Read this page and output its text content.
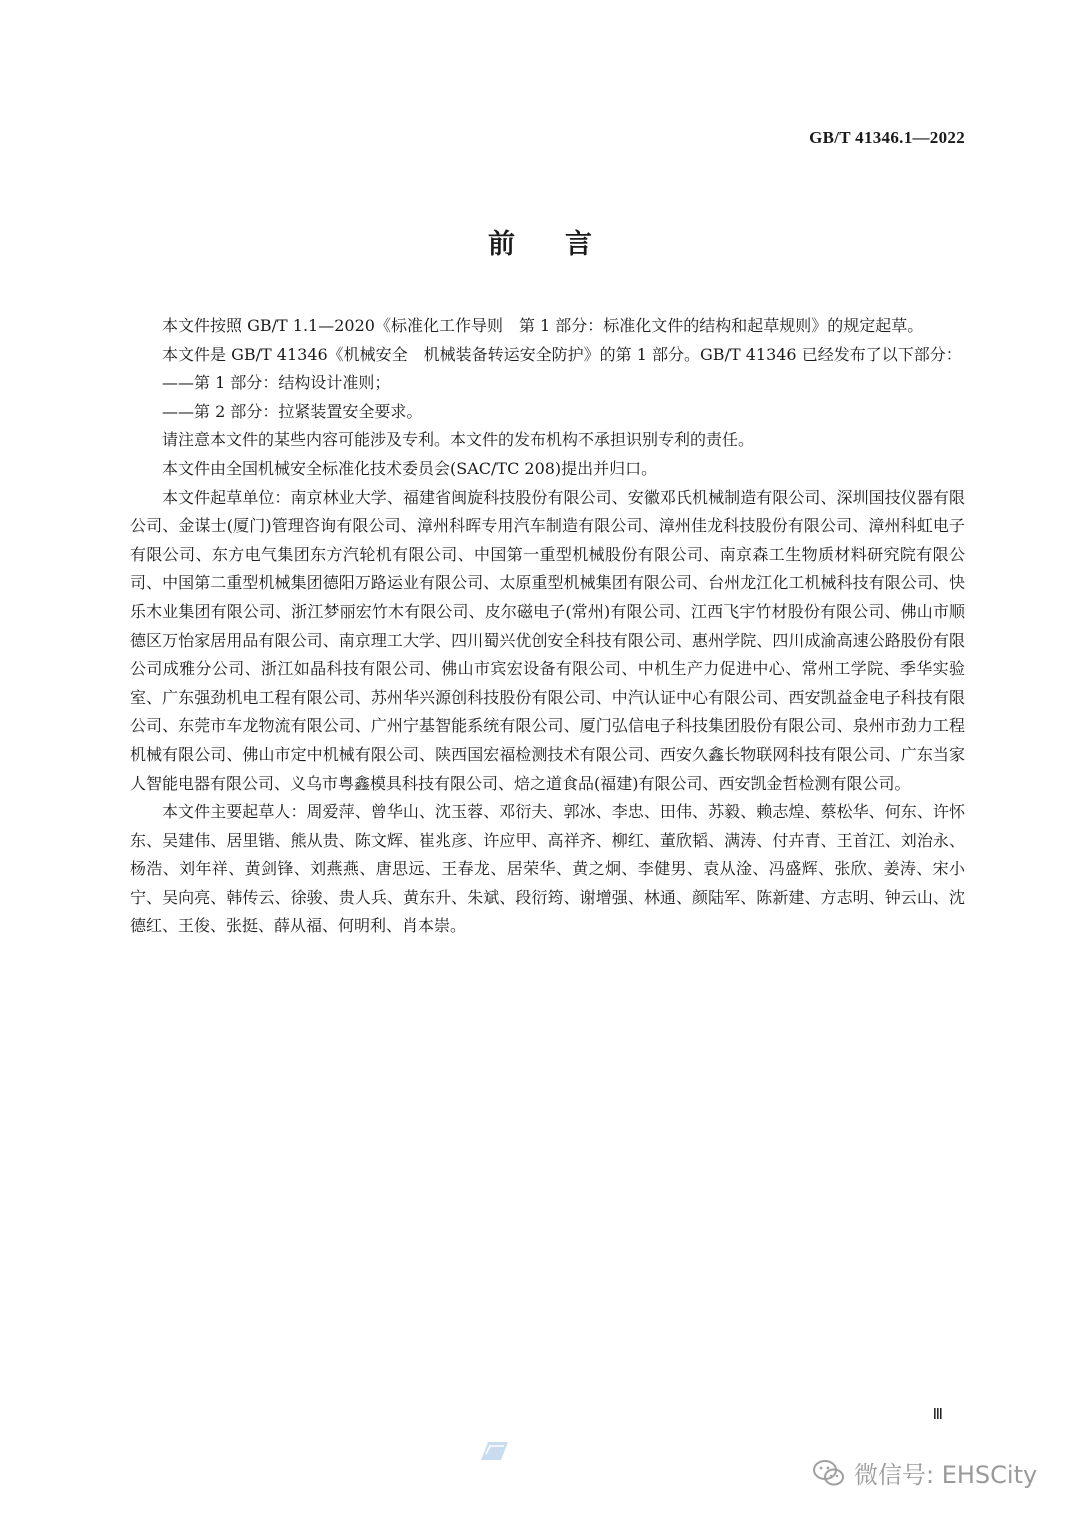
GB/T 41346.1—2022
前言

本文件按照 GB/T 1.1—2020《标准化工作导则　第 1 部分：标准化文件的结构和起草规则》的规定起草。

本文件是 GB/T 41346《机械安全　机械装备转运安全防护》的第 1 部分。GB/T 41346 已经发布了以下部分：

——第 1 部分：结构设计准则；

——第 2 部分：拉紧装置安全要求。

请注意本文件的某些内容可能涉及专利。本文件的发布机构不承担识别专利的责任。

本文件由全国机械安全标准化技术委员会(SAC/TC 208)提出并归口。

本文件起草单位：南京林业大学、福建省闽旋科技股份有限公司、安徽邓氏机械制造有限公司、深圳国技仪器有限公司、金谋士(厦门)管理咨询有限公司、漳州科晖专用汽车制造有限公司、漳州佳龙科技股份有限公司、漳州科虹电子有限公司、东方电气集团东方汽轮机有限公司、中国第一重型机械股份有限公司、南京森工生物质材料研究院有限公司、中国第二重型机械集团德阳万路运业有限公司、太原重型机械集团有限公司、台州龙江化工机械科技有限公司、快乐木业集团有限公司、浙江梦丽宏竹木有限公司、皮尔磁电子(常州)有限公司、江西飞宇竹材股份有限公司、佛山市顺德区万怡家居用品有限公司、南京理工大学、四川蜀兴优创安全科技有限公司、惠州学院、四川成渝高速公路股份有限公司成雅分公司、浙江如晶科技有限公司、佛山市宾宏设备有限公司、中机生产力促进中心、常州工学院、季华实验室、广东强劲机电工程有限公司、苏州华兴源创科技股份有限公司、中汽认证中心有限公司、西安凯益金电子科技有限公司、东莞市车龙物流有限公司、广州宁基智能系统有限公司、厦门弘信电子科技集团股份有限公司、泉州市劲力工程机械有限公司、佛山市定中机械有限公司、陕西国宏福检测技术有限公司、西安久鑫长物联网科技有限公司、广东当家人智能电器有限公司、义乌市粤鑫模具科技有限公司、焙之道食品(福建)有限公司、西安凯金哲检测有限公司。

本文件主要起草人：周爱萍、曾华山、沈玉蓉、邓衍夫、郭冰、李忠、田伟、苏毅、赖志煌、蔡松华、何东、许怀东、吴建伟、居里锴、熊从贵、陈文辉、崔兆彦、许应甲、高祥齐、柳红、董欣韬、满涛、付卉青、王首江、刘治永、杨浩、刘年祥、黄剑锋、刘燕燕、唐思远、王春龙、居荣华、黄之炯、李健男、袁从淦、冯盛辉、张欣、姜涛、宋小宁、吴向亮、韩传云、徐骏、贵人兵、黄东升、朱斌、段衍筠、谢增强、林通、颜陆军、陈新建、方志明、钟云山、沈德红、王俊、张挺、薛从福、何明利、肖本崇。

Ⅲ
微信号: EHSCity
